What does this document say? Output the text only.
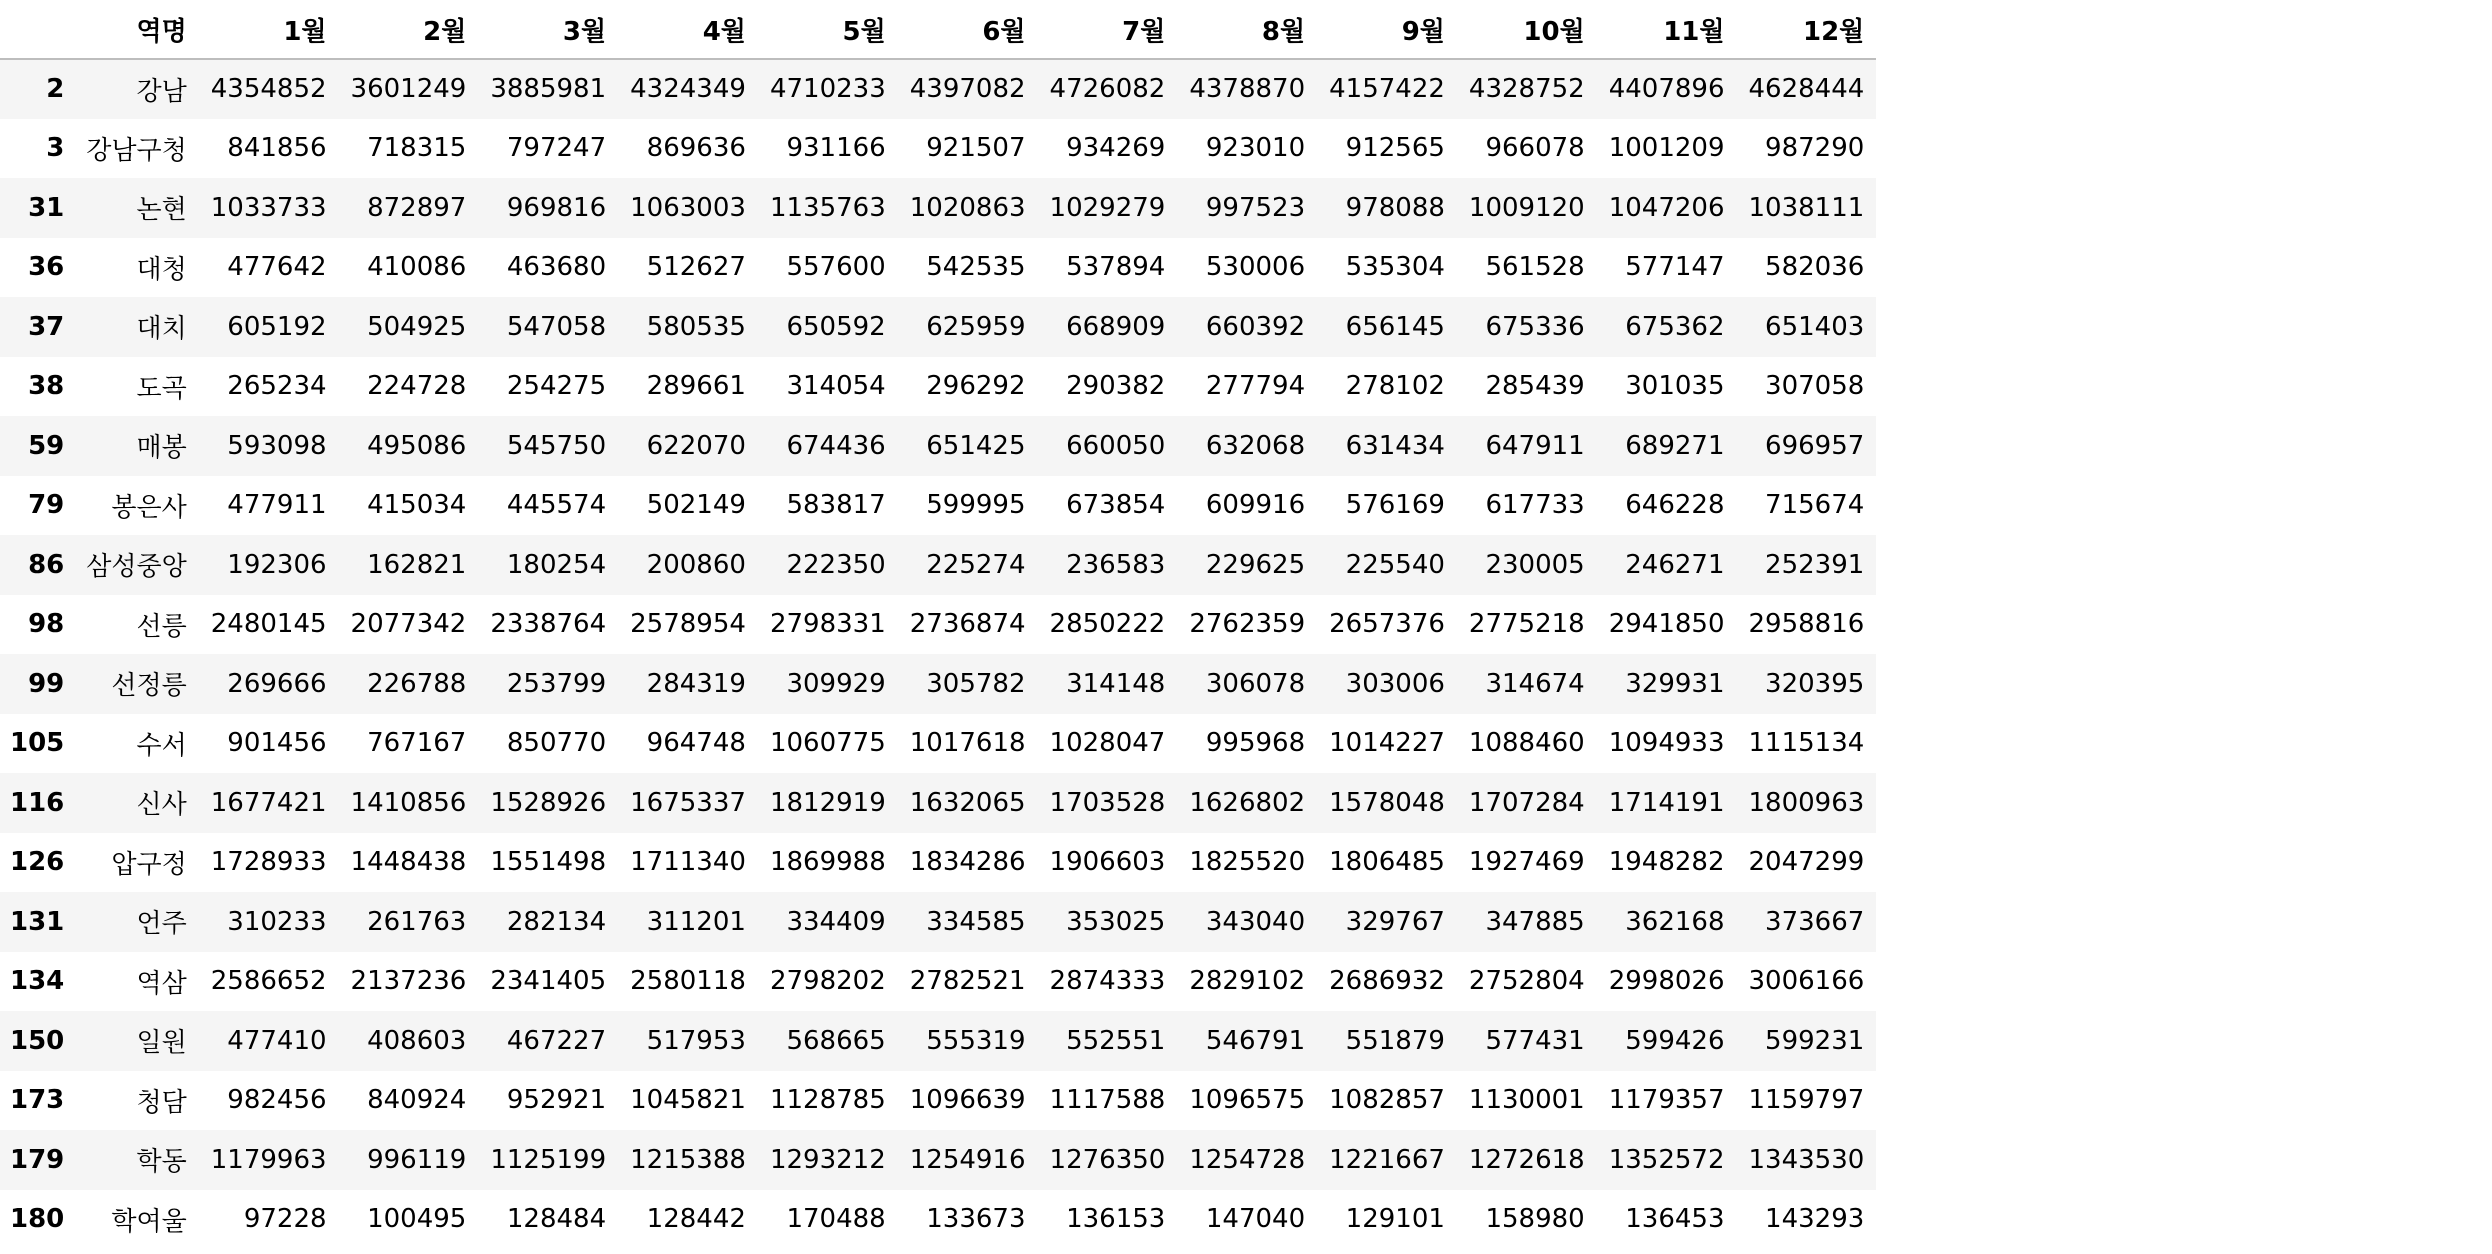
	역명	1월	2월	3월	4월	5월	6월	7월	8월	9월	10월	11월	12월
2	강남	4354852	3601249	3885981	4324349	4710233	4397082	4726082	4378870	4157422	4328752	4407896	4628444
3	강남구청	841856	718315	797247	869636	931166	921507	934269	923010	912565	966078	1001209	987290
31	논현	1033733	872897	969816	1063003	1135763	1020863	1029279	997523	978088	1009120	1047206	1038111
36	대청	477642	410086	463680	512627	557600	542535	537894	530006	535304	561528	577147	582036
37	대치	605192	504925	547058	580535	650592	625959	668909	660392	656145	675336	675362	651403
38	도곡	265234	224728	254275	289661	314054	296292	290382	277794	278102	285439	301035	307058
59	매봉	593098	495086	545750	622070	674436	651425	660050	632068	631434	647911	689271	696957
79	봉은사	477911	415034	445574	502149	583817	599995	673854	609916	576169	617733	646228	715674
86	삼성중앙	192306	162821	180254	200860	222350	225274	236583	229625	225540	230005	246271	252391
98	선릉	2480145	2077342	2338764	2578954	2798331	2736874	2850222	2762359	2657376	2775218	2941850	2958816
99	선정릉	269666	226788	253799	284319	309929	305782	314148	306078	303006	314674	329931	320395
105	수서	901456	767167	850770	964748	1060775	1017618	1028047	995968	1014227	1088460	1094933	1115134
116	신사	1677421	1410856	1528926	1675337	1812919	1632065	1703528	1626802	1578048	1707284	1714191	1800963
126	압구정	1728933	1448438	1551498	1711340	1869988	1834286	1906603	1825520	1806485	1927469	1948282	2047299
131	언주	310233	261763	282134	311201	334409	334585	353025	343040	329767	347885	362168	373667
134	역삼	2586652	2137236	2341405	2580118	2798202	2782521	2874333	2829102	2686932	2752804	2998026	3006166
150	일원	477410	408603	467227	517953	568665	555319	552551	546791	551879	577431	599426	599231
173	청담	982456	840924	952921	1045821	1128785	1096639	1117588	1096575	1082857	1130001	1179357	1159797
179	학동	1179963	996119	1125199	1215388	1293212	1254916	1276350	1254728	1221667	1272618	1352572	1343530
180	학여울	97228	100495	128484	128442	170488	133673	136153	147040	129101	158980	136453	143293
